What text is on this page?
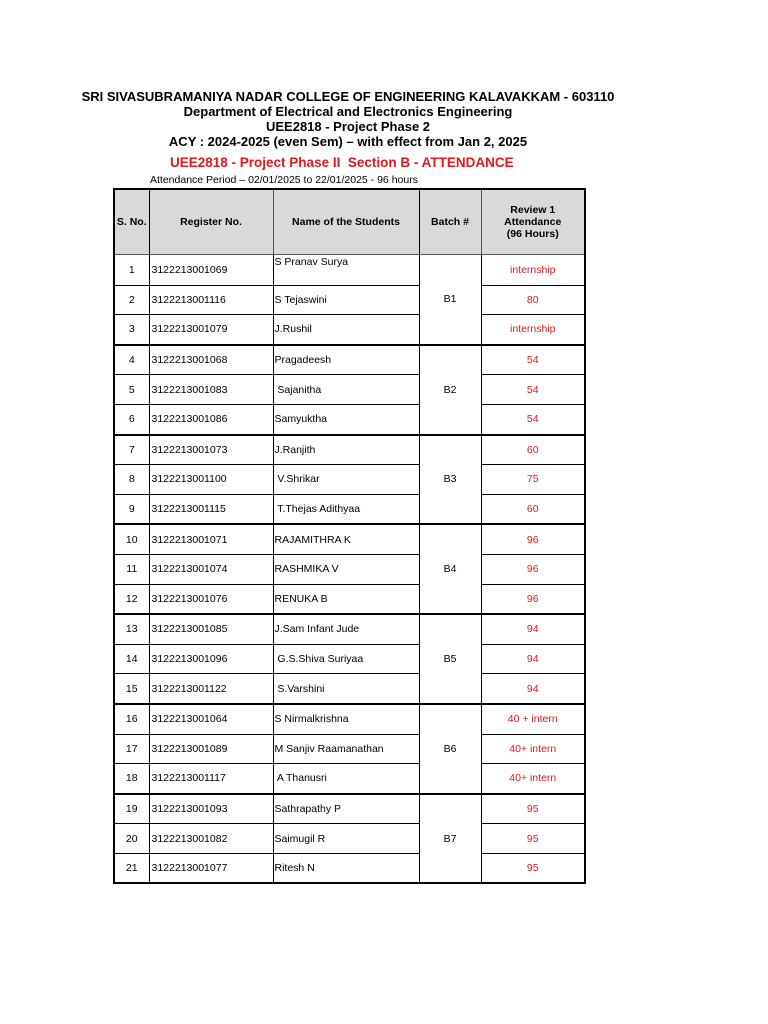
SRI SIVASUBRAMANIYA NADAR COLLEGE OF ENGINEERING KALAVAKKAM - 603110
Department of Electrical and Electronics Engineering
UEE2818 - Project Phase 2
ACY : 2024-2025 (even Sem) – with effect from Jan 2, 2025
UEE2818 - Project Phase II  Section B - ATTENDANCE
Attendance Period – 02/01/2025 to 22/01/2025 - 96 hours
S. No.	Register No.	Name of the Students	Batch #	Review 1
Attendance
(96 Hours)
1	3122213001069	S Pranav Surya	B1	internship
2	3122213001116	S Tejaswini		80
3	3122213001079	J.Rushil		internship
4	3122213001068	Pragadeesh	B2	54
5	3122213001083	Sajanitha		54
6	3122213001086	Samyuktha		54
7	3122213001073	J.Ranjith	B3	60
8	3122213001100	V.Shrikar		75
9	3122213001115	T.Thejas Adithyaa		60
10	3122213001071	RAJAMITHRA K	B4	96
11	3122213001074	RASHMIKA V		96
12	3122213001076	RENUKA B		96
13	3122213001085	J.Sam Infant Jude	B5	94
14	3122213001096	G.S.Shiva Suriyaa		94
15	3122213001122	S.Varshini		94
16	3122213001064	S Nirmalkrishna	B6	40 + intern
17	3122213001089	M Sanjiv Raamanathan		40+ intern
18	3122213001117	A Thanusri		40+ intern
19	3122213001093	Sathrapathy P	B7	95
20	3122213001082	Saimugil R		95
21	3122213001077	Ritesh N		95
